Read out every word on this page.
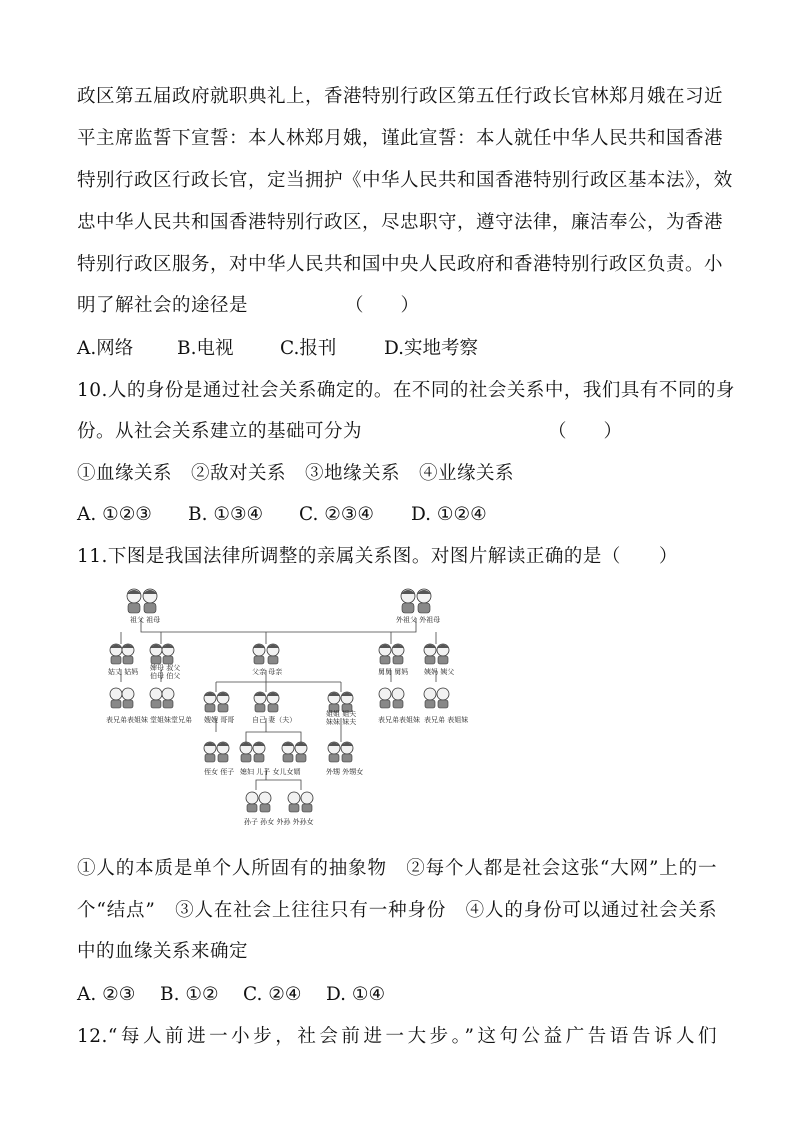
政区第五届政府就职典礼上，香港特别行政区第五任行政长官林郑月娥在习近
平主席监誓下宣誓：本人林郑月娥，谨此宣誓：本人就任中华人民共和国香港
特别行政区行政长官，定当拥护《中华人民共和国香港特别行政区基本法》，效
忠中华人民共和国香港特别行政区，尽忠职守，遵守法律，廉洁奉公，为香港
特别行政区服务，对中华人民共和国中央人民政府和香港特别行政区负责。小
明了解社会的途径是	（　　）
A.网络 B.电视	C.报刊	D.实地考察
10.人的身份是通过社会关系确定的。在不同的社会关系中，我们具有不同的身
份。从社会关系建立的基础可分为	（　　）
①血缘关系　②敌对关系　③地缘关系　④业缘关系
A. ①②③ B. ①③④ C. ②③④ D. ①②④
11.下图是我国法律所调整的亲属关系图。对图片解读正确的是（　　）
祖父 祖母	外祖父 外祖母
姑丈 姑妈 婶母 叔父
伯母 伯父	父亲 母亲	舅舅 舅妈 姨妈 姨父
表兄弟表姐妹 堂姐妹堂兄弟 嫂嫂 哥哥	自己 妻（夫）
姐姐 姐夫
妹妹 妹夫	表兄弟表姐妹 表兄弟 表姐妹
侄女 侄子 媳妇 儿子 女儿女婿	外甥 外甥女
孙子 孙女 外孙 外孙女
①人的本质是单个人所固有的抽象物　②每个人都是社会这张“大网”上的一
个“结点”　③人在社会上往往只有一种身份　④人的身份可以通过社会关系
中的血缘关系来确定
A. ②③ B. ①② C. ②④ D. ①④
12.“每人前进一小步，社会前进一大步。”这句公益广告语告诉人们
